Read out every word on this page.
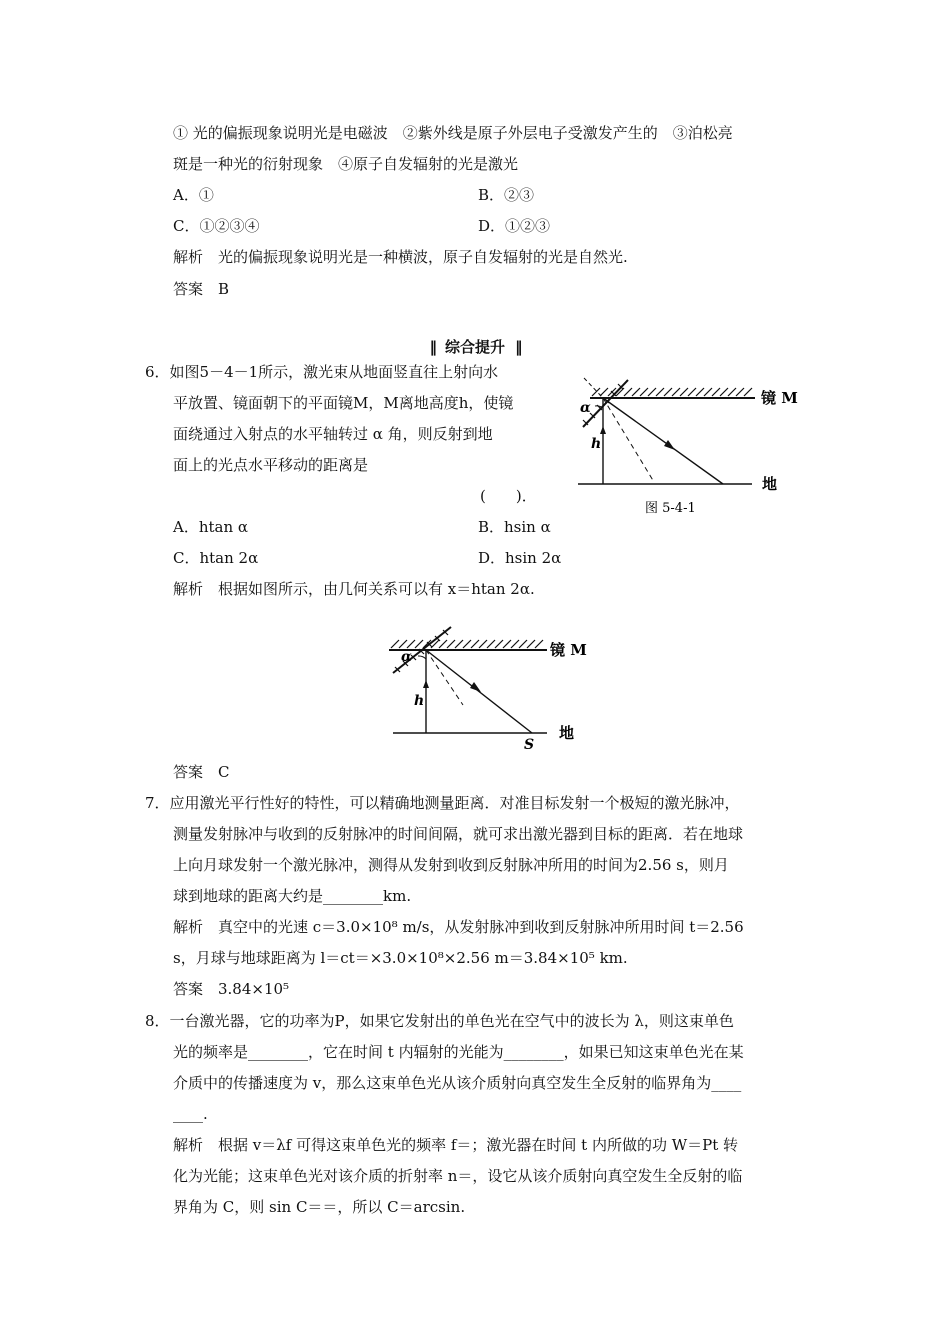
① 光的偏振现象说明光是电磁波　②紫外线是原子外层电子受激发产生的　③泊松亮
斑是一种光的衍射现象　④原子自发辐射的光是激光
A．①	B．②③
C．①②③④	D．①②③
解析　光的偏振现象说明光是一种横波，原子自发辐射的光是自然光.
答案　B
‖ 综合提升 ‖
6．如图5－4－1所示，激光束从地面竖直往上射向水
平放置、镜面朝下的平面镜M，M离地高度h，使镜
面绕通过入射点的水平轴转过 α 角，则反射到地
面上的光点水平移动的距离是
(　　)．
A．htan α	B．hsin α
C．htan 2α	D．hsin 2α
解析　根据如图所示，由几何关系可以有 x＝htan 2α.
α
h
镜 M
地
图 5-4-1
α
h
S
镜 M
地
答案　C
7．应用激光平行性好的特性，可以精确地测量距离．对准目标发射一个极短的激光脉冲，
测量发射脉冲与收到的反射脉冲的时间间隔，就可求出激光器到目标的距离．若在地球
上向月球发射一个激光脉冲，测得从发射到收到反射脉冲所用的时间为2.56 s，则月
球到地球的距离大约是________km.
解析　真空中的光速 c＝3.0×10⁸ m/s，从发射脉冲到收到反射脉冲所用时间 t＝2.56
s，月球与地球距离为 l＝ct＝×3.0×10⁸×2.56 m＝3.84×10⁵ km.
答案　3.84×10⁵
8．一台激光器，它的功率为P，如果它发射出的单色光在空气中的波长为 λ，则这束单色
光的频率是________，它在时间 t 内辐射的光能为________，如果已知这束单色光在某
介质中的传播速度为 v，那么这束单色光从该介质射向真空发生全反射的临界角为____
____.
解析　根据 v＝λf 可得这束单色光的频率 f＝；激光器在时间 t 内所做的功 W＝Pt 转
化为光能；这束单色光对该介质的折射率 n＝，设它从该介质射向真空发生全反射的临
界角为 C，则 sin C＝＝，所以 C＝arcsin.
